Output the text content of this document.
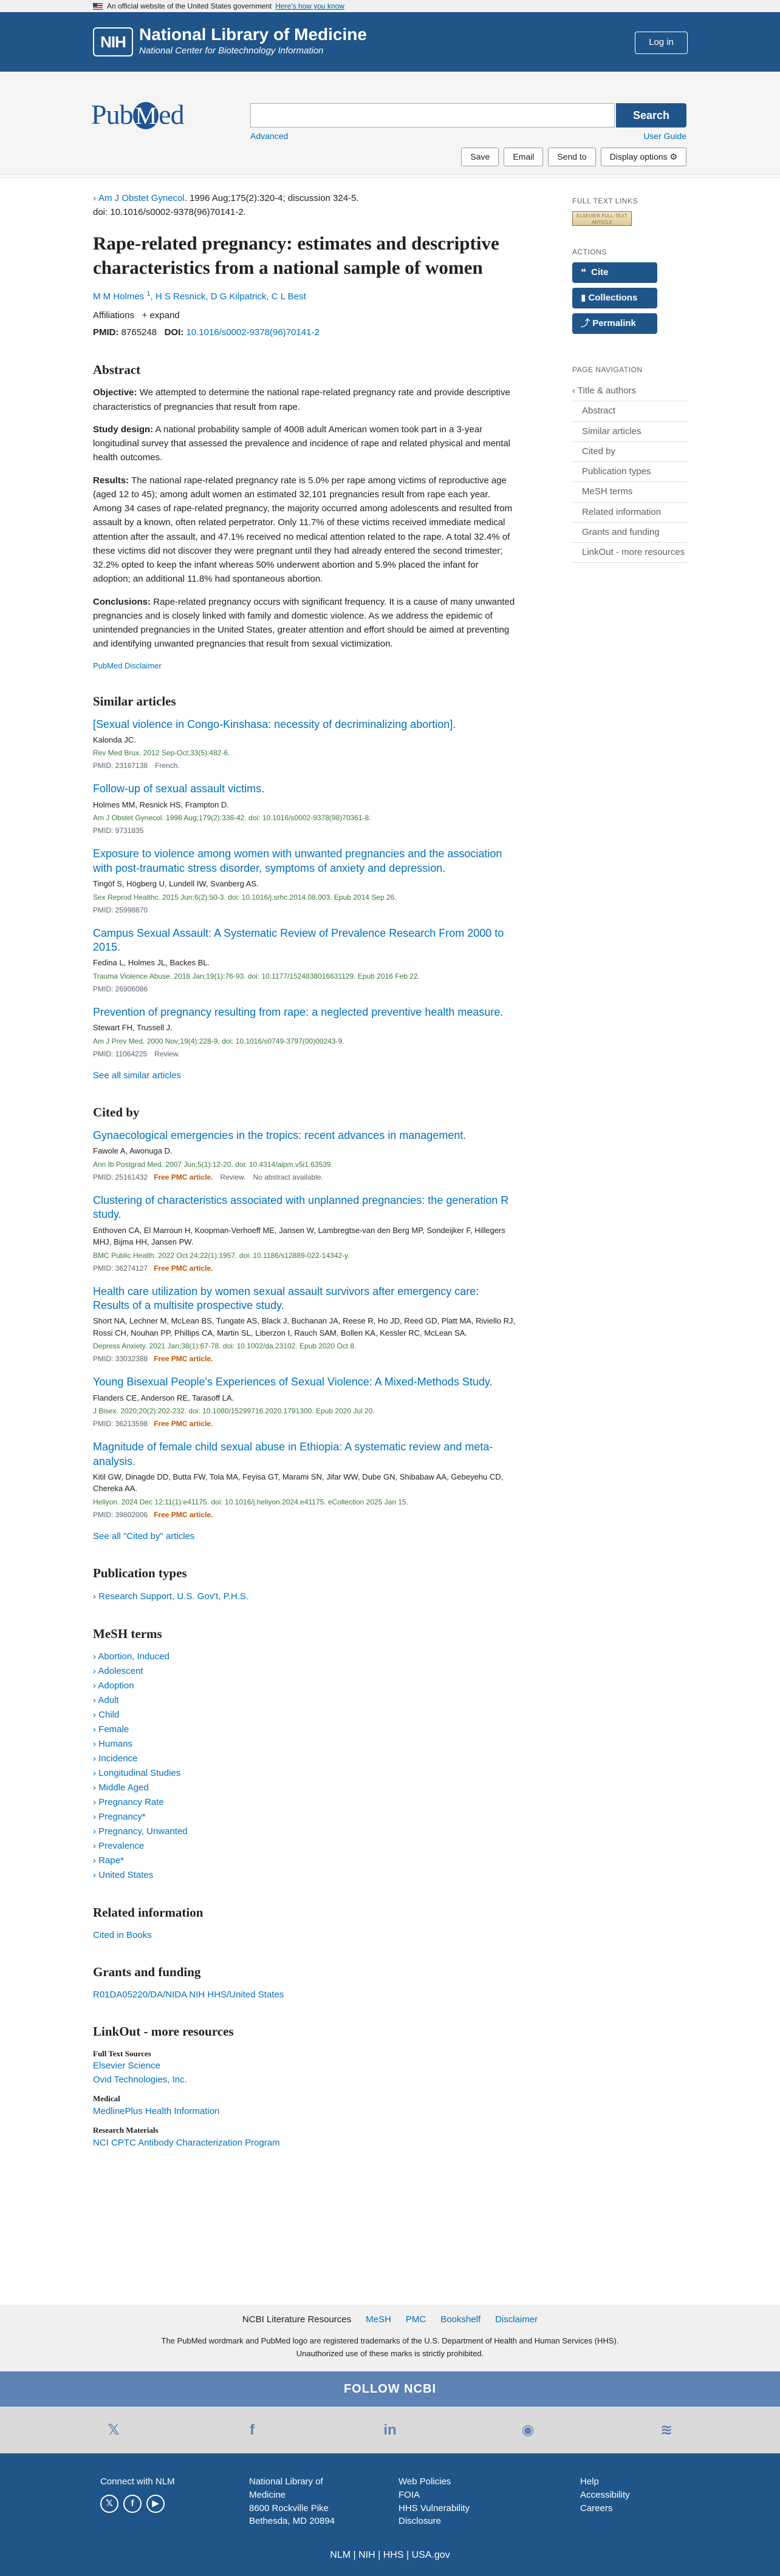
An official website of the United States government Here's how you know
NIH National Library of Medicine
National Center for Biotechnology Information
Log in
Pub Med	Search
Advanced	User Guide
Save	Email	Send to	Display options ⚙
› Am J Obstet Gynecol. 1996 Aug;175(2):320-4; discussion 324-5.
doi: 10.1016/s0002-9378(96)70141-2.
Rape-related pregnancy: estimates and descriptive characteristics from a national sample of women
M M Holmes $^1$, H S Resnick, D G Kilpatrick, C L Best
Affiliations + expand
PMID: 8765248 DOI: 10.1016/s0002-9378(96)70141-2
Abstract

Objective: We attempted to determine the national rape-related pregnancy rate and provide descriptive characteristics of pregnancies that result from rape.

Study design: A national probability sample of 4008 adult American women took part in a 3-year longitudinal survey that assessed the prevalence and incidence of rape and related physical and mental health outcomes.

Results: The national rape-related pregnancy rate is 5.0% per rape among victims of reproductive age (aged 12 to 45); among adult women an estimated 32,101 pregnancies result from rape each year. Among 34 cases of rape-related pregnancy, the majority occurred among adolescents and resulted from assault by a known, often related perpetrator. Only 11.7% of these victims received immediate medical attention after the assault, and 47.1% received no medical attention related to the rape. A total 32.4% of these victims did not discover they were pregnant until they had already entered the second trimester; 32.2% opted to keep the infant whereas 50% underwent abortion and 5.9% placed the infant for adoption; an additional 11.8% had spontaneous abortion.

Conclusions: Rape-related pregnancy occurs with significant frequency. It is a cause of many unwanted pregnancies and is closely linked with family and domestic violence. As we address the epidemic of unintended pregnancies in the United States, greater attention and effort should be aimed at preventing and identifying unwanted pregnancies that result from sexual victimization.

PubMed Disclaimer
Similar articles
[Sexual violence in Congo-Kinshasa: necessity of decriminalizing abortion].
Kalonda JC.
Rev Med Brux. 2012 Sep-Oct;33(5):482-6.
PMID: 23167138 French.
Follow-up of sexual assault victims.
Holmes MM, Resnick HS, Frampton D.
Am J Obstet Gynecol. 1998 Aug;179(2):336-42. doi: 10.1016/s0002-9378(98)70361-8.
PMID: 9731835
Exposure to violence among women with unwanted pregnancies and the association with post-traumatic stress disorder, symptoms of anxiety and depression.
Tingöf S, Högberg U, Lundell IW, Svanberg AS.
Sex Reprod Healthc. 2015 Jun;6(2):50-3. doi: 10.1016/j.srhc.2014.08.003. Epub 2014 Sep 26.
PMID: 25998870
Campus Sexual Assault: A Systematic Review of Prevalence Research From 2000 to 2015.
Fedina L, Holmes JL, Backes BL.
Trauma Violence Abuse. 2018 Jan;19(1):76-93. doi: 10.1177/1524838016631129. Epub 2016 Feb 22.
PMID: 26906086
Prevention of pregnancy resulting from rape: a neglected preventive health measure.
Stewart FH, Trussell J.
Am J Prev Med. 2000 Nov;19(4):228-9, doi: 10.1016/s0749-3797(00)00243-9.
PMID: 11064225 Review.
See all similar articles
Cited by
Gynaecological emergencies in the tropics: recent advances in management.
Fawole A, Awonuga D.
Ann Ib Postgrad Med. 2007 Jun;5(1):12-20. doi: 10.4314/aipm.v5i1.63539.
PMID: 25161432 Free PMC article. Review. No abstract available.
Clustering of characteristics associated with unplanned pregnancies: the generation R study.
Enthoven CA, El Marroun H, Koopman-Verhoeff ME, Jansen W, Lambregtse-van den Berg MP, Sondeijker F, Hillegers MHJ, Bijma HH, Jansen PW.
BMC Public Health. 2022 Oct 24;22(1):1957. doi: 10.1186/s12889-022-14342-y.
PMID: 36274127 Free PMC article.
Health care utilization by women sexual assault survivors after emergency care: Results of a multisite prospective study.
Short NA, Lechner M, McLean BS, Tungate AS, Black J, Buchanan JA, Reese R, Ho JD, Reed GD, Platt MA, Riviello RJ, Rossi CH, Nouhan PP, Phillips CA, Martin SL, Liberzon I, Rauch SAM, Bollen KA, Kessler RC, McLean SA.
Depress Anxiety. 2021 Jan;38(1):67-78. doi: 10.1002/da.23102. Epub 2020 Oct 8.
PMID: 33032388 Free PMC article.
Young Bisexual People's Experiences of Sexual Violence: A Mixed-Methods Study.
Flanders CE, Anderson RE, Tarasoff LA.
J Bisex. 2020;20(2):202-232. doi: 10.1080/15299716.2020.1791300. Epub 2020 Jul 20.
PMID: 36213598 Free PMC article.
Magnitude of female child sexual abuse in Ethiopia: A systematic review and meta-analysis.
Kitil GW, Dinagde DD, Butta FW, Tola MA, Feyisa GT, Marami SN, Jifar WW, Dube GN, Shibabaw AA, Gebeyehu CD, Chereka AA.
Heliyon. 2024 Dec 12;11(1):e41175. doi: 10.1016/j.heliyon.2024.e41175. eCollection 2025 Jan 15.
PMID: 39802006 Free PMC article.
See all "Cited by" articles
Publication types
› Research Support, U.S. Gov't, P.H.S.
MeSH terms
› Abortion, Induced
› Adolescent
› Adoption
› Adult
› Child
› Female
› Humans
› Incidence
› Longitudinal Studies
› Middle Aged
› Pregnancy Rate
› Pregnancy*
› Pregnancy, Unwanted
› Prevalence
› Rape*
› United States
Related information
Cited in Books
Grants and funding
R01DA05220/DA/NIDA NIH HHS/United States
LinkOut - more resources
Full Text Sources
Elsevier Science
Ovid Technologies, Inc.
Medical
MedlinePlus Health Information
Research Materials
NCI CPTC Antibody Characterization Program
FULL TEXT LINKS
ELSEVIER FULL-TEXT ARTICLE
ACTIONS
❝ Cite
▮ Collections
⤴ Permalink
PAGE NAVIGATION
‹ Title & authors
Abstract
Similar articles
Cited by
Publication types
MeSH terms
Related information
Grants and funding
LinkOut - more resources
NCBI Literature Resources MeSH PMC Bookshelf Disclaimer
The PubMed wordmark and PubMed logo are registered trademarks of the U.S. Department of Health and Human Services (HHS).
Unauthorized use of these marks is strictly prohibited.
FOLLOW NCBI
𝕏	f	in	◉	≋
Connect with NLM
𝕏 f ▶
National Library of
Medicine
8600 Rockville Pike
Bethesda, MD 20894
Web Policies
FOIA
HHS Vulnerability
Disclosure
Help
Accessibility
Careers
NLM | NIH | HHS | USA.gov
